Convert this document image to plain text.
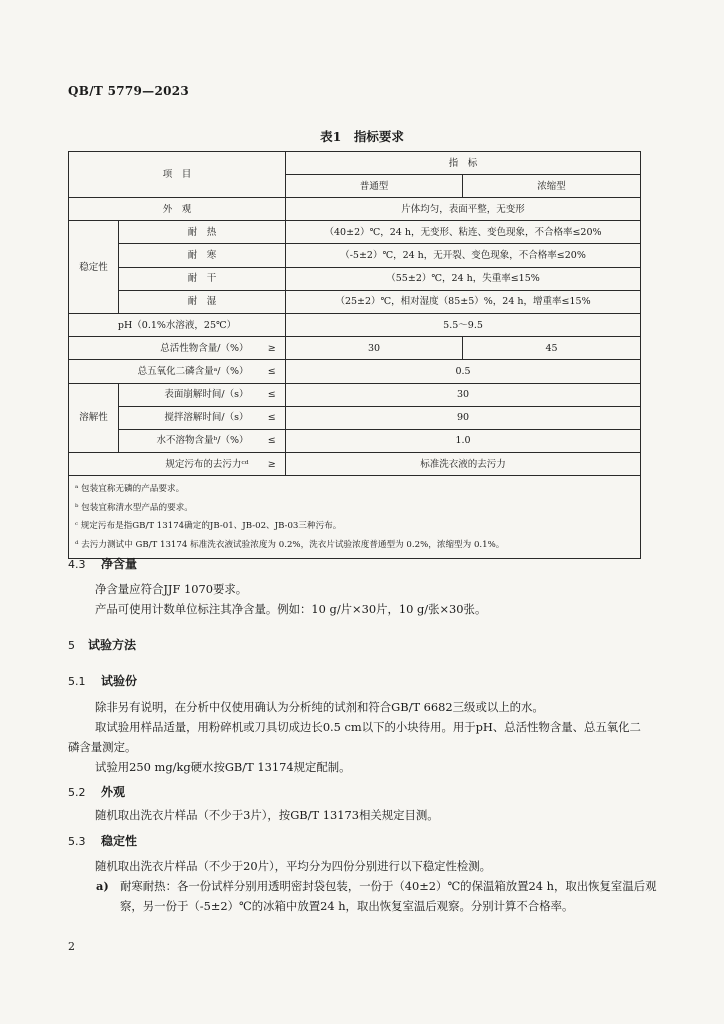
QB/T 5779—2023
表1　指标要求
项　目			指　标	
			普通型	浓缩型
外　观			片体均匀，表面平整，无变形	
稳定性	耐　热		（40±2）℃，24 h，无变形、粘连、变色现象，不合格率≤20%	
	耐　寒		（-5±2）℃，24 h，无开裂、变色现象，不合格率≤20%	
	耐　干		（55±2）℃，24 h，失重率≤15%	
	耐　湿		（25±2）℃，相对湿度（85±5）%，24 h，增重率≤15%	
pH（0.1%水溶液，25℃）			5.5～9.5	
总活性物含量/（%）		≥	30	45
总五氧化二磷含量ᵃ/（%）		≤	0.5	
溶解性	表面崩解时间/（s）	≤	30	
	搅拌溶解时间/（s）	≤	90	
	水不溶物含量ᵇ/（%）	≤	1.0	
规定污布的去污力ᶜᵈ		≥	标准洗衣液的去污力	

ᵃ 包装宜称无磷的产品要求。
ᵇ 包装宜称清水型产品的要求。
ᶜ 规定污布是指GB/T 13174确定的JB-01、JB-02、JB-03三种污布。
ᵈ 去污力测试中 GB/T 13174 标准洗衣液试验浓度为 0.2%，洗衣片试验浓度普通型为 0.2%，浓缩型为 0.1%。				
4.3 净含量
净含量应符合JJF 1070要求。
产品可使用计数单位标注其净含量。例如：10 g/片×30片，10 g/张×30张。
5 试验方法
5.1 试验份
除非另有说明，在分析中仅使用确认为分析纯的试剂和符合GB/T 6682三级或以上的水。
取试验用样品适量，用粉碎机或刀具切成边长0.5 cm以下的小块待用。用于pH、总活性物含量、总五氧化二磷含量测定。
试验用250 mg/kg硬水按GB/T 13174规定配制。
5.2 外观
随机取出洗衣片样品（不少于3片），按GB/T 13173相关规定目测。
5.3 稳定性
随机取出洗衣片样品（不少于20片），平均分为四份分别进行以下稳定性检测。
a) 耐寒耐热：各一份试样分别用透明密封袋包装，一份于（40±2）℃的保温箱放置24 h，取出恢复室温后观察，另一份于（-5±2）℃的冰箱中放置24 h，取出恢复室温后观察。分别计算不合格率。
2
